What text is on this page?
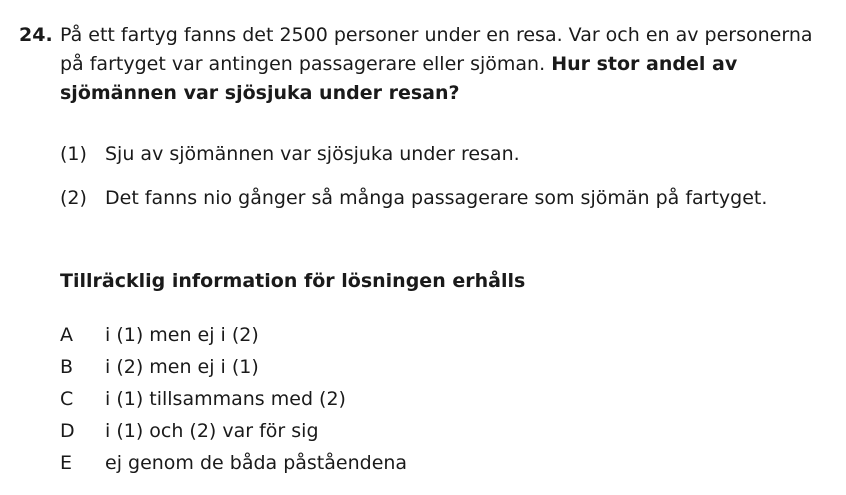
24. På ett fartyg fanns det 2500 personer under en resa. Var och en av personerna på fartyget var antingen passagerare eller sjöman. Hur stor andel av sjömännen var sjösjuka under resan?
(1) Sju av sjömännen var sjösjuka under resan.
(2) Det fanns nio gånger så många passagerare som sjömän på fartyget.
Tillräcklig information för lösningen erhålls
A i (1) men ej i (2)
B i (2) men ej i (1)
C i (1) tillsammans med (2)
D i (1) och (2) var för sig
E ej genom de båda påståendena
